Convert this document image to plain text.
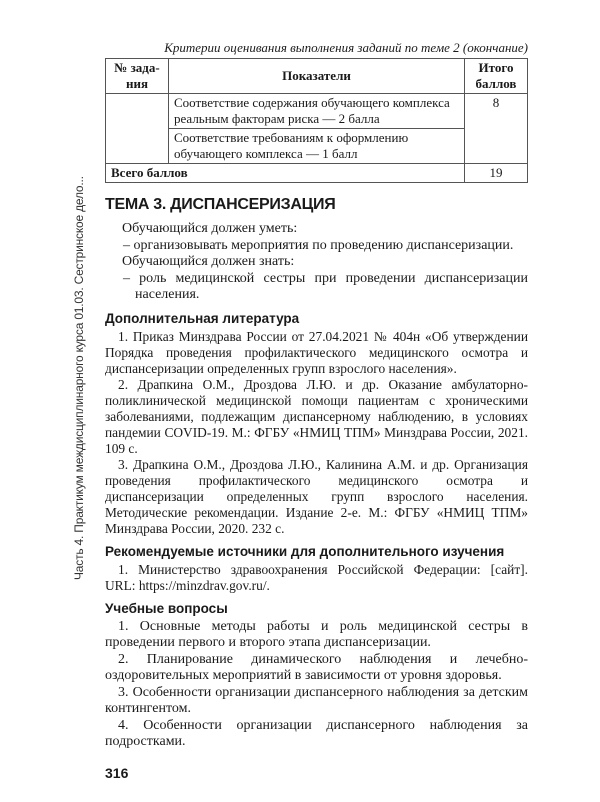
Часть 4. Практикум междисциплинарного курса 01.03. Сестринское дело...
Критерии оценивания выполнения заданий по теме 2 (окончание)
№ зада-ния	Показатели	Итого баллов
	Соответствие содержания обучающего комплекса реальным факторам риска — 2 балла	8
	Соответствие требованиям к оформлению обучающего комплекса — 1 балл	
Всего баллов		19
ТЕМА 3. ДИСПАНСЕРИЗАЦИЯ

Обучающийся должен уметь:

– организовывать мероприятия по проведению диспансеризации.

Обучающийся должен знать:

– роль медицинской сестры при проведении диспансеризации населения.

Дополнительная литература

1. Приказ Минздрава России от 27.04.2021 № 404н «Об утверждении Порядка проведения профилактического медицинского осмотра и диспансеризации определенных групп взрослого населения».

2. Драпкина О.М., Дроздова Л.Ю. и др. Оказание амбулаторно-поликлинической медицинской помощи пациентам с хроническими заболеваниями, подлежащим диспансерному наблюдению, в условиях пандемии COVID-19. М.: ФГБУ «НМИЦ ТПМ» Минздрава России, 2021. 109 с.

3. Драпкина О.М., Дроздова Л.Ю., Калинина А.М. и др. Организация проведения профилактического медицинского осмотра и диспансеризации определенных групп взрослого населения. Методические рекомендации. Издание 2-е. М.: ФГБУ «НМИЦ ТПМ» Минздрава России, 2020. 232 с.

Рекомендуемые источники для дополнительного изучения

1. Министерство здравоохранения Российской Федерации: [сайт]. URL: https://minzdrav.gov.ru/.

Учебные вопросы

1. Основные методы работы и роль медицинской сестры в проведении первого и второго этапа диспансеризации.

2. Планирование динамического наблюдения и лечебно-оздоровительных мероприятий в зависимости от уровня здоровья.

3. Особенности организации диспансерного наблюдения за детским контингентом.

4. Особенности организации диспансерного наблюдения за подростками.

316
